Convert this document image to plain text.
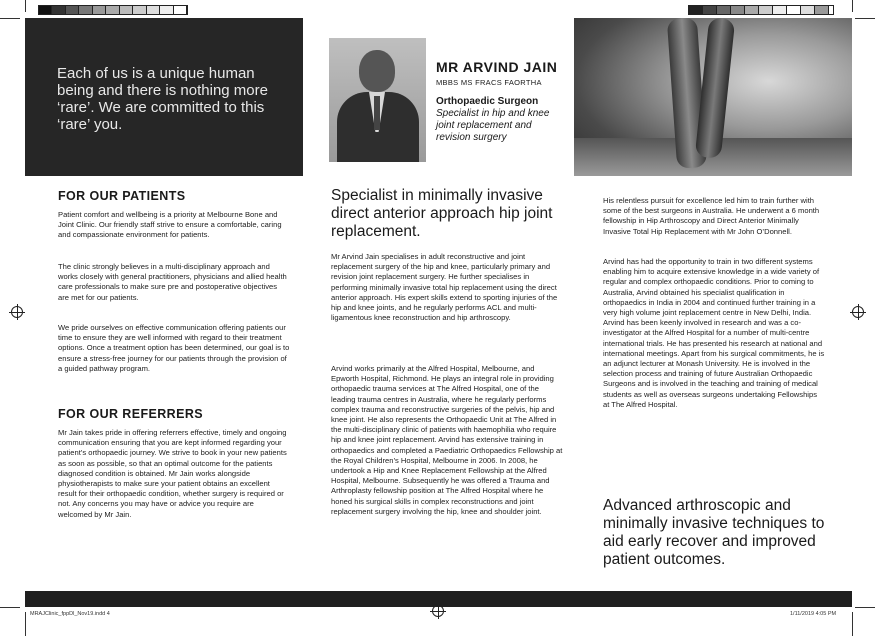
Each of us is a unique human being and there is nothing more ‘rare’. We are committed to this ‘rare’ you.
MR ARVIND JAIN
MBBS MS FRACS FAORTHA
Orthopaedic Surgeon
Specialist in hip and knee joint replacement and revision surgery
FOR OUR PATIENTS
Patient comfort and wellbeing is a priority at Melbourne Bone and Joint Clinic. Our friendly staff strive to ensure a comfortable, caring and compassionate environment for patients.
The clinic strongly believes in a multi-disciplinary approach and works closely with general practitioners, physicians and allied health care professionals to make sure pre and postoperative objectives are met for our patients.
We pride ourselves on effective communication offering patients our time to ensure they are well informed with regard to their treatment options. Once a treatment option has been determined, our goal is to ensure a stress-free journey for our patients through the provision of a guided pathway program.
FOR OUR REFERRERS
Mr Jain takes pride in offering referrers effective, timely and ongoing communication ensuring that you are kept informed regarding your patient’s orthopaedic journey. We strive to book in your new patients as soon as possible, so that an optimal outcome for the patients diagnosed condition is obtained. Mr Jain works alongside physiotherapists to make sure your patient obtains an excellent result for their orthopaedic condition, whether surgery is required or not. Any concerns you may have or advice you require are welcomed by Mr Jain.
Specialist in minimally invasive direct anterior approach hip joint replacement.
Mr Arvind Jain specialises in adult reconstructive and joint replacement surgery of the hip and knee, particularly primary and revision joint replacement surgery. He further specialises in performing minimally invasive total hip replacement using the direct anterior approach. His expert skills extend to sporting injuries of the hip and knee joints, and he regularly performs ACL and multi-ligamentous knee reconstruction and hip arthroscopy.
Arvind works primarily at the Alfred Hospital, Melbourne, and Epworth Hospital, Richmond. He plays an integral role in providing orthopaedic trauma services at The Alfred Hospital, one of the leading trauma centres in Australia, where he regularly performs complex trauma and reconstructive surgeries of the pelvis, hip and knee joint. He also represents the Orthopaedic Unit at The Alfred in the multi-disciplinary clinic of patients with haemophilia who require hip and knee joint replacement. Arvind has extensive training in orthopaedics and completed a Paediatric Orthopaedics Fellowship at the Royal Children’s Hospital, Melbourne in 2006. In 2008, he undertook a Hip and Knee Replacement Fellowship at the Alfred Hospital, Melbourne. Subsequently he was offered a Trauma and Arthroplasty fellowship position at The Alfred Hospital where he honed his surgical skills in complex reconstructions and joint replacement surgery involving the hip, knee and shoulder joint.
His relentless pursuit for excellence led him to train further with some of the best surgeons in Australia. He underwent a 6 month fellowship in Hip Arthroscopy and Direct Anterior Minimally Invasive Total Hip Replacement with Mr John O’Donnell.
Arvind has had the opportunity to train in two different systems enabling him to acquire extensive knowledge in a wide variety of regular and complex orthopaedic conditions. Prior to coming to Australia, Arvind obtained his specialist qualification in orthopaedics in India in 2004 and continued further training in a very high volume joint replacement centre in New Delhi, India. Arvind has been keenly involved in research and was a co-investigator at the Alfred Hospital for a number of multi-centre international trials. He has presented his research at national and international meetings. Apart from his surgical commitments, he is an adjunct lecturer at Monash University. He is involved in the selection process and training of future Australian Orthopaedic Surgeons and is involved in the teaching and training of medical students as well as overseas surgeons undertaking Fellowships at The Alfred Hospital.
Advanced arthroscopic and minimally invasive techniques to aid early recover and improved patient outcomes.
MRAJClinic_fppDl_Nov19.indd 4	1/11/2019 4:05 PM
